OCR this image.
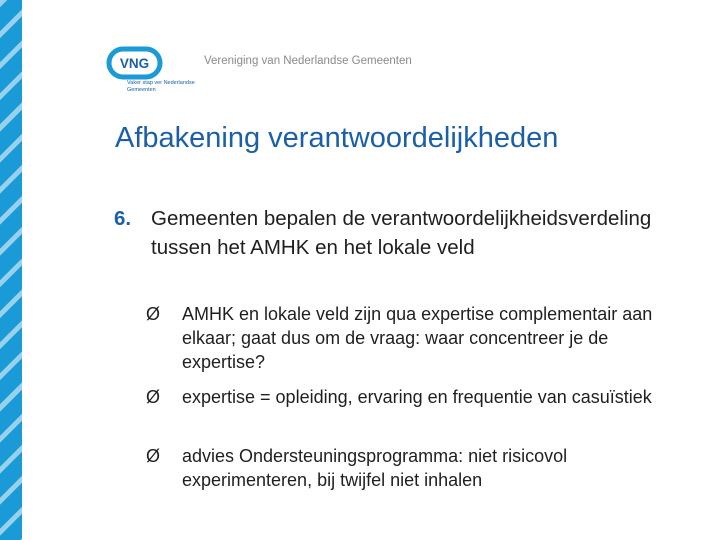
VNG
Vaker stap ver Nederlandse Gemeenten
Vereniging van Nederlandse Gemeenten
Afbakening verantwoordelijkheden
6. Gemeenten bepalen de verantwoordelijkheidsverdeling tussen het AMHK en het lokale veld
Ø	AMHK en lokale veld zijn qua expertise complementair aan elkaar; gaat dus om de vraag: waar concentreer je de expertise?
Ø	expertise = opleiding, ervaring en frequentie van casuïstiek
Ø	advies Ondersteuningsprogramma: niet risicovol experimenteren, bij twijfel niet inhalen
